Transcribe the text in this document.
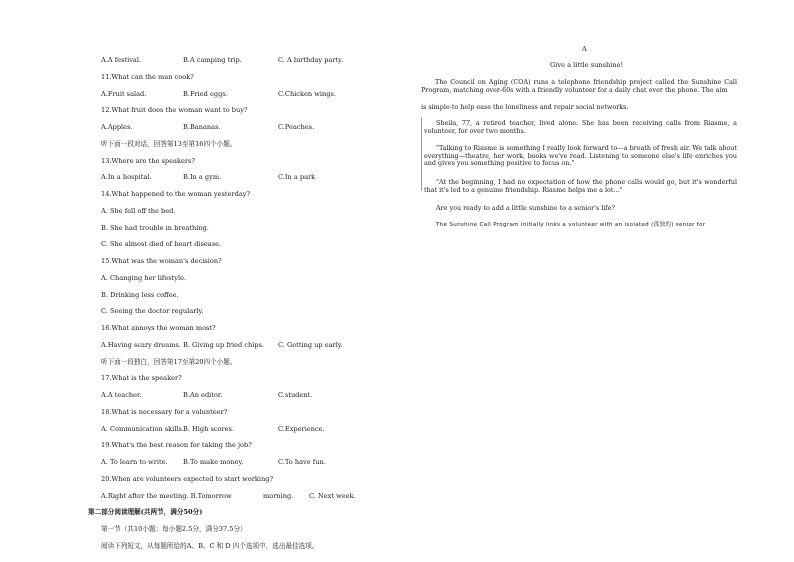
A.A festival.	B.A camping trip.	C. A birthday party.
11.What can the man cook?
A.Fruit salad.	B.Fried eggs.	C.Chicken wings.
12.What fruit does the woman want to buy?
A.Apples.	B.Bananas.	C.Peaches.
听下面一段对话，回答第13至第16四个小题。
13.Where are the speakers?
A.In a hospital.	B.In a gym.	C.In a park
14.What happened to the woman yesterday?
A. She fell off the bed.
B. She had trouble in breathing.
C. She almost died of heart disease.
15.What was the woman's decision?
A. Changing her lifestyle.
B. Drinking less coffee.
C. Seeing the doctor regularly.
16.What annoys the woman most?
A.Having scary dreams. B. Giving up fried chips. C. Getting up early.
听下面一段独白，回答第17至第20四个小题。
17.What is the speaker?
A.A teacher.	B.An editor.	C.student.
18.What is necessary for a volunteer?
A. Communication skills. B. High scores.	C.Experience.
19.What's the best reason for taking the job?
A. To learn to write. B.To make money.	C.To have fun.
20.When are volunteers expected to start working?
A.Right after the meeting. B.Tomorrow	morning. C. Next week.
第二部分阅读理解(共两节，满分50分)
第一节（共10小题；每小题2.5分，满分37.5分）
阅读下列短文，从每题所给的A、B、C 和 D 四个选项中，选出最佳选项。
A
Give a little sunshine!
The Council on Aging (COA) runs a telephone friendship project called the Sunshine Call Program, matching over-60s with a friendly volunteer for a daily chat over the phone. The aim
is simple-to help ease the loneliness and repair social networks.
Sheila, 77, a retired teacher, lived alone. She has been receiving calls from Riasme, a volunteer, for over two months.
"Talking to Riasme is something I really look forward to—a breath of fresh air. We talk about everything—theatre, her work, books we've read. Listening to someone else's life enriches you and gives you something positive to focus on."
"At the beginning, I had no expectation of how the phone calls would go, but it's wonderful that it's led to a genuine friendship. Riasme helps me a lot..."
Are you ready to add a little sunshine to a senior's life?
The Sunshine Call Program initially links a volunteer with an isolated (孤独的) senior for
